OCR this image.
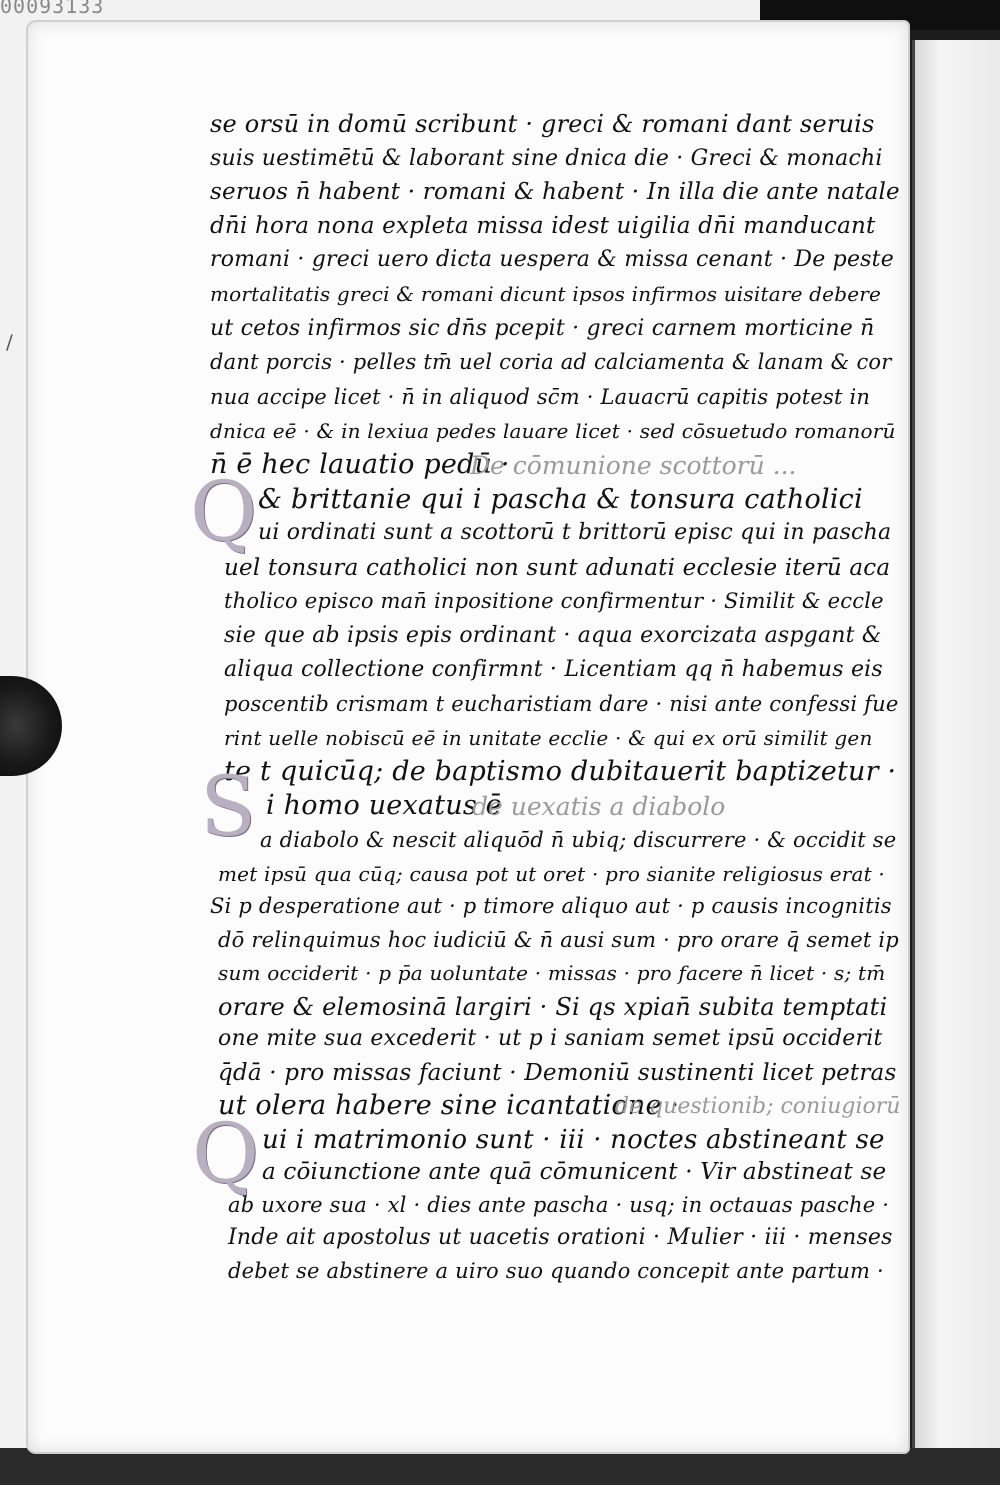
00093133
/
se orsū in domū scribunt · greci & romani dant seruis
suis uestimētū & laborant sine dnica die · Greci & monachi
seruos n̄ habent · romani & habent · In illa die ante natale
dn̄i hora nona expleta missa idest uigilia dn̄i manducant
romani · greci uero dicta uespera & missa cenant · De peste
mortalitatis greci & romani dicunt ipsos infirmos uisitare debere
ut cetos infirmos sic dn̄s pcepit · greci carnem morticine n̄
dant porcis · pelles tm̄ uel coria ad calciamenta & lanam & cor
nua accipe licet · n̄ in aliquod sc̄m · Lauacrū capitis potest in
dnica eē · & in lexiua pedes lauare licet · sed cōsuetudo romanorū
n̄ ē hec lauatio pedū ·
De cōmunione scottorū ...
Q & brittanie qui i pascha & tonsura catholici
ui ordinati sunt a scottorū t brittorū episc qui in pascha
uel tonsura catholici non sunt adunati ecclesie iterū aca
tholico episco man̄ inpositione confirmentur · Similit & eccle
sie que ab ipsis epis ordinant · aqua exorcizata aspgant &
aliqua collectione confirmnt · Licentiam qq n̄ habemus eis
poscentib crismam t eucharistiam dare · nisi ante confessi fue
rint uelle nobiscū eē in unitate ecclie · & qui ex orū similit gen
te t quicūq; de baptismo dubitauerit baptizetur ·
S i homo uexatus ē
de uexatis a diabolo
a diabolo & nescit aliquōd n̄ ubiq; discurrere · & occidit se
met ipsū qua cūq; causa pot ut oret · pro sianite religiosus erat ·
Si p desperatione aut · p timore aliquo aut · p causis incognitis
dō relinquimus hoc iudiciū & n̄ ausi sum · pro orare q̄ semet ip
sum occiderit · p p̄a uoluntate · missas · pro facere n̄ licet · s; tm̄
orare & elemosinā largiri · Si qs xpian̄ subita temptati
one mite sua excederit · ut p i saniam semet ipsū occiderit
q̄dā · pro missas faciunt · Demoniū sustinenti licet petras
ut olera habere sine icantatione ·
de questionib; coniugiorū
Q ui i matrimonio sunt · iii · noctes abstineant se
a cōiunctione ante quā cōmunicent · Vir abstineat se
ab uxore sua · xl · dies ante pascha · usq; in octauas pasche ·
Inde ait apostolus ut uacetis orationi · Mulier · iii · menses
debet se abstinere a uiro suo quando concepit ante partum ·
